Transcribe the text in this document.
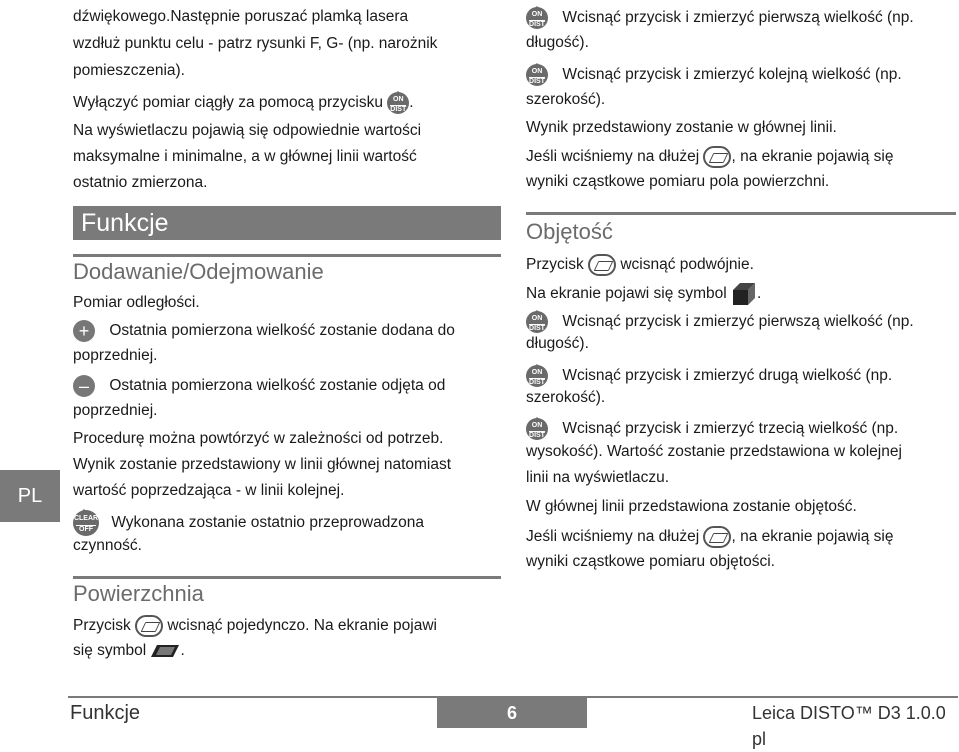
dźwiękowego.Następnie poruszać plamką lasera
wzdłuż punktu celu - patrz rysunki F, G- (np. narożnik
pomieszczenia).
Wyłączyć pomiar ciągły za pomocą przycisku	ON
DIST .
Na wyświetlaczu pojawią się odpowiednie wartości
maksymalne i minimalne, a w głównej linii wartość
ostatnio zmierzona.
Funkcje
Dodawanie/Odejmowanie
Pomiar odległości.
+ Ostatnia pomierzona wielkość zostanie dodana do
poprzedniej.
– Ostatnia pomierzona wielkość zostanie odjęta od
poprzedniej.
Procedurę można powtórzyć w zależności od potrzeb.
Wynik zostanie przedstawiony w linii głównej natomiast
wartość poprzedzająca - w linii kolejnej.
CLEAR
OFF Wykonana zostanie ostatnio przeprowadzona
czynność.
Powierzchnia
Przycisk wcisnąć pojedynczo. Na ekranie pojawi
się symbol .
ON
DIST Wcisnąć przycisk i zmierzyć pierwszą wielkość (np.
długość).
ON
DIST Wcisnąć przycisk i zmierzyć kolejną wielkość (np.
szerokość).
Wynik przedstawiony zostanie w głównej linii.
Jeśli wciśniemy na dłużej , na ekranie pojawią się
wyniki cząstkowe pomiaru pola powierzchni.
Objętość
Przycisk wcisnąć podwójnie.
Na ekranie pojawi się symbol .
ON
DIST Wcisnąć przycisk i zmierzyć pierwszą wielkość (np.
długość).
ON
DIST Wcisnąć przycisk i zmierzyć drugą wielkość (np.
szerokość).
ON
DIST Wcisnąć przycisk i zmierzyć trzecią wielkość (np.
wysokość). Wartość zostanie przedstawiona w kolejnej
linii na wyświetlaczu.
W głównej linii przedstawiona zostanie objętość.
Jeśli wciśniemy na dłużej , na ekranie pojawią się
wyniki cząstkowe pomiaru objętości.
PL
Funkcje	6	Leica DISTO™ D3 1.0.0 pl
